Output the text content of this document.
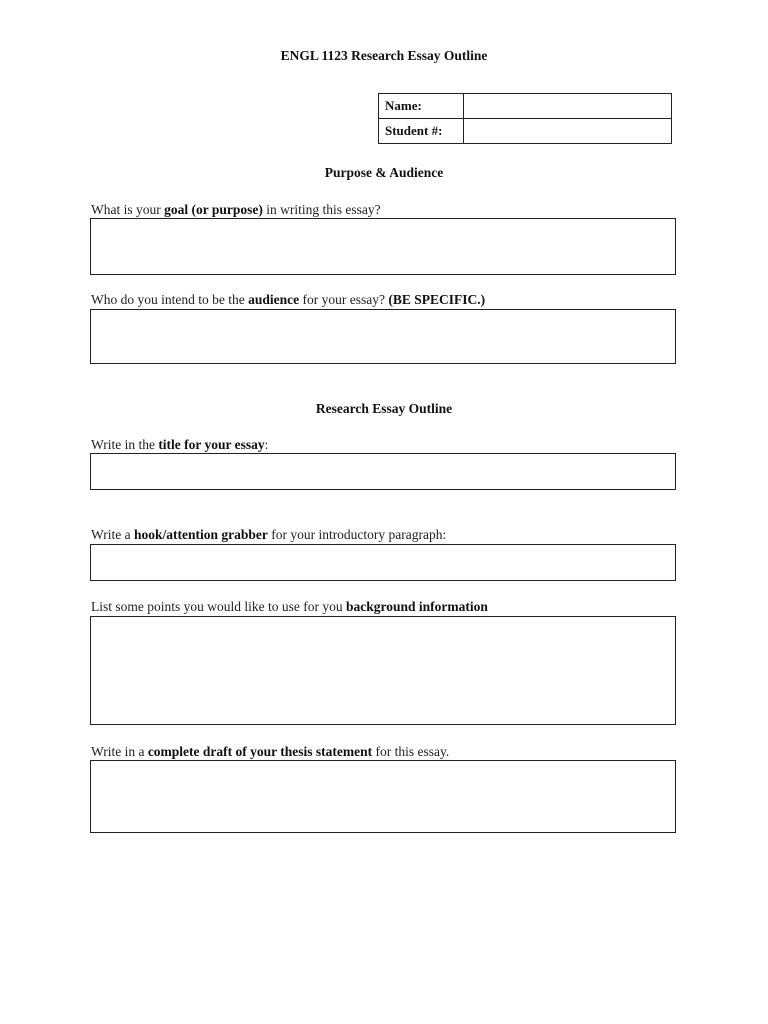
ENGL 1123 Research Essay Outline
Name:	
Student #:	
Purpose & Audience
What is your goal (or purpose) in writing this essay?
Who do you intend to be the audience for your essay? (BE SPECIFIC.)
Research Essay Outline
Write in the title for your essay:
Write a hook/attention grabber for your introductory paragraph:
List some points you would like to use for you background information
Write in a complete draft of your thesis statement for this essay.
